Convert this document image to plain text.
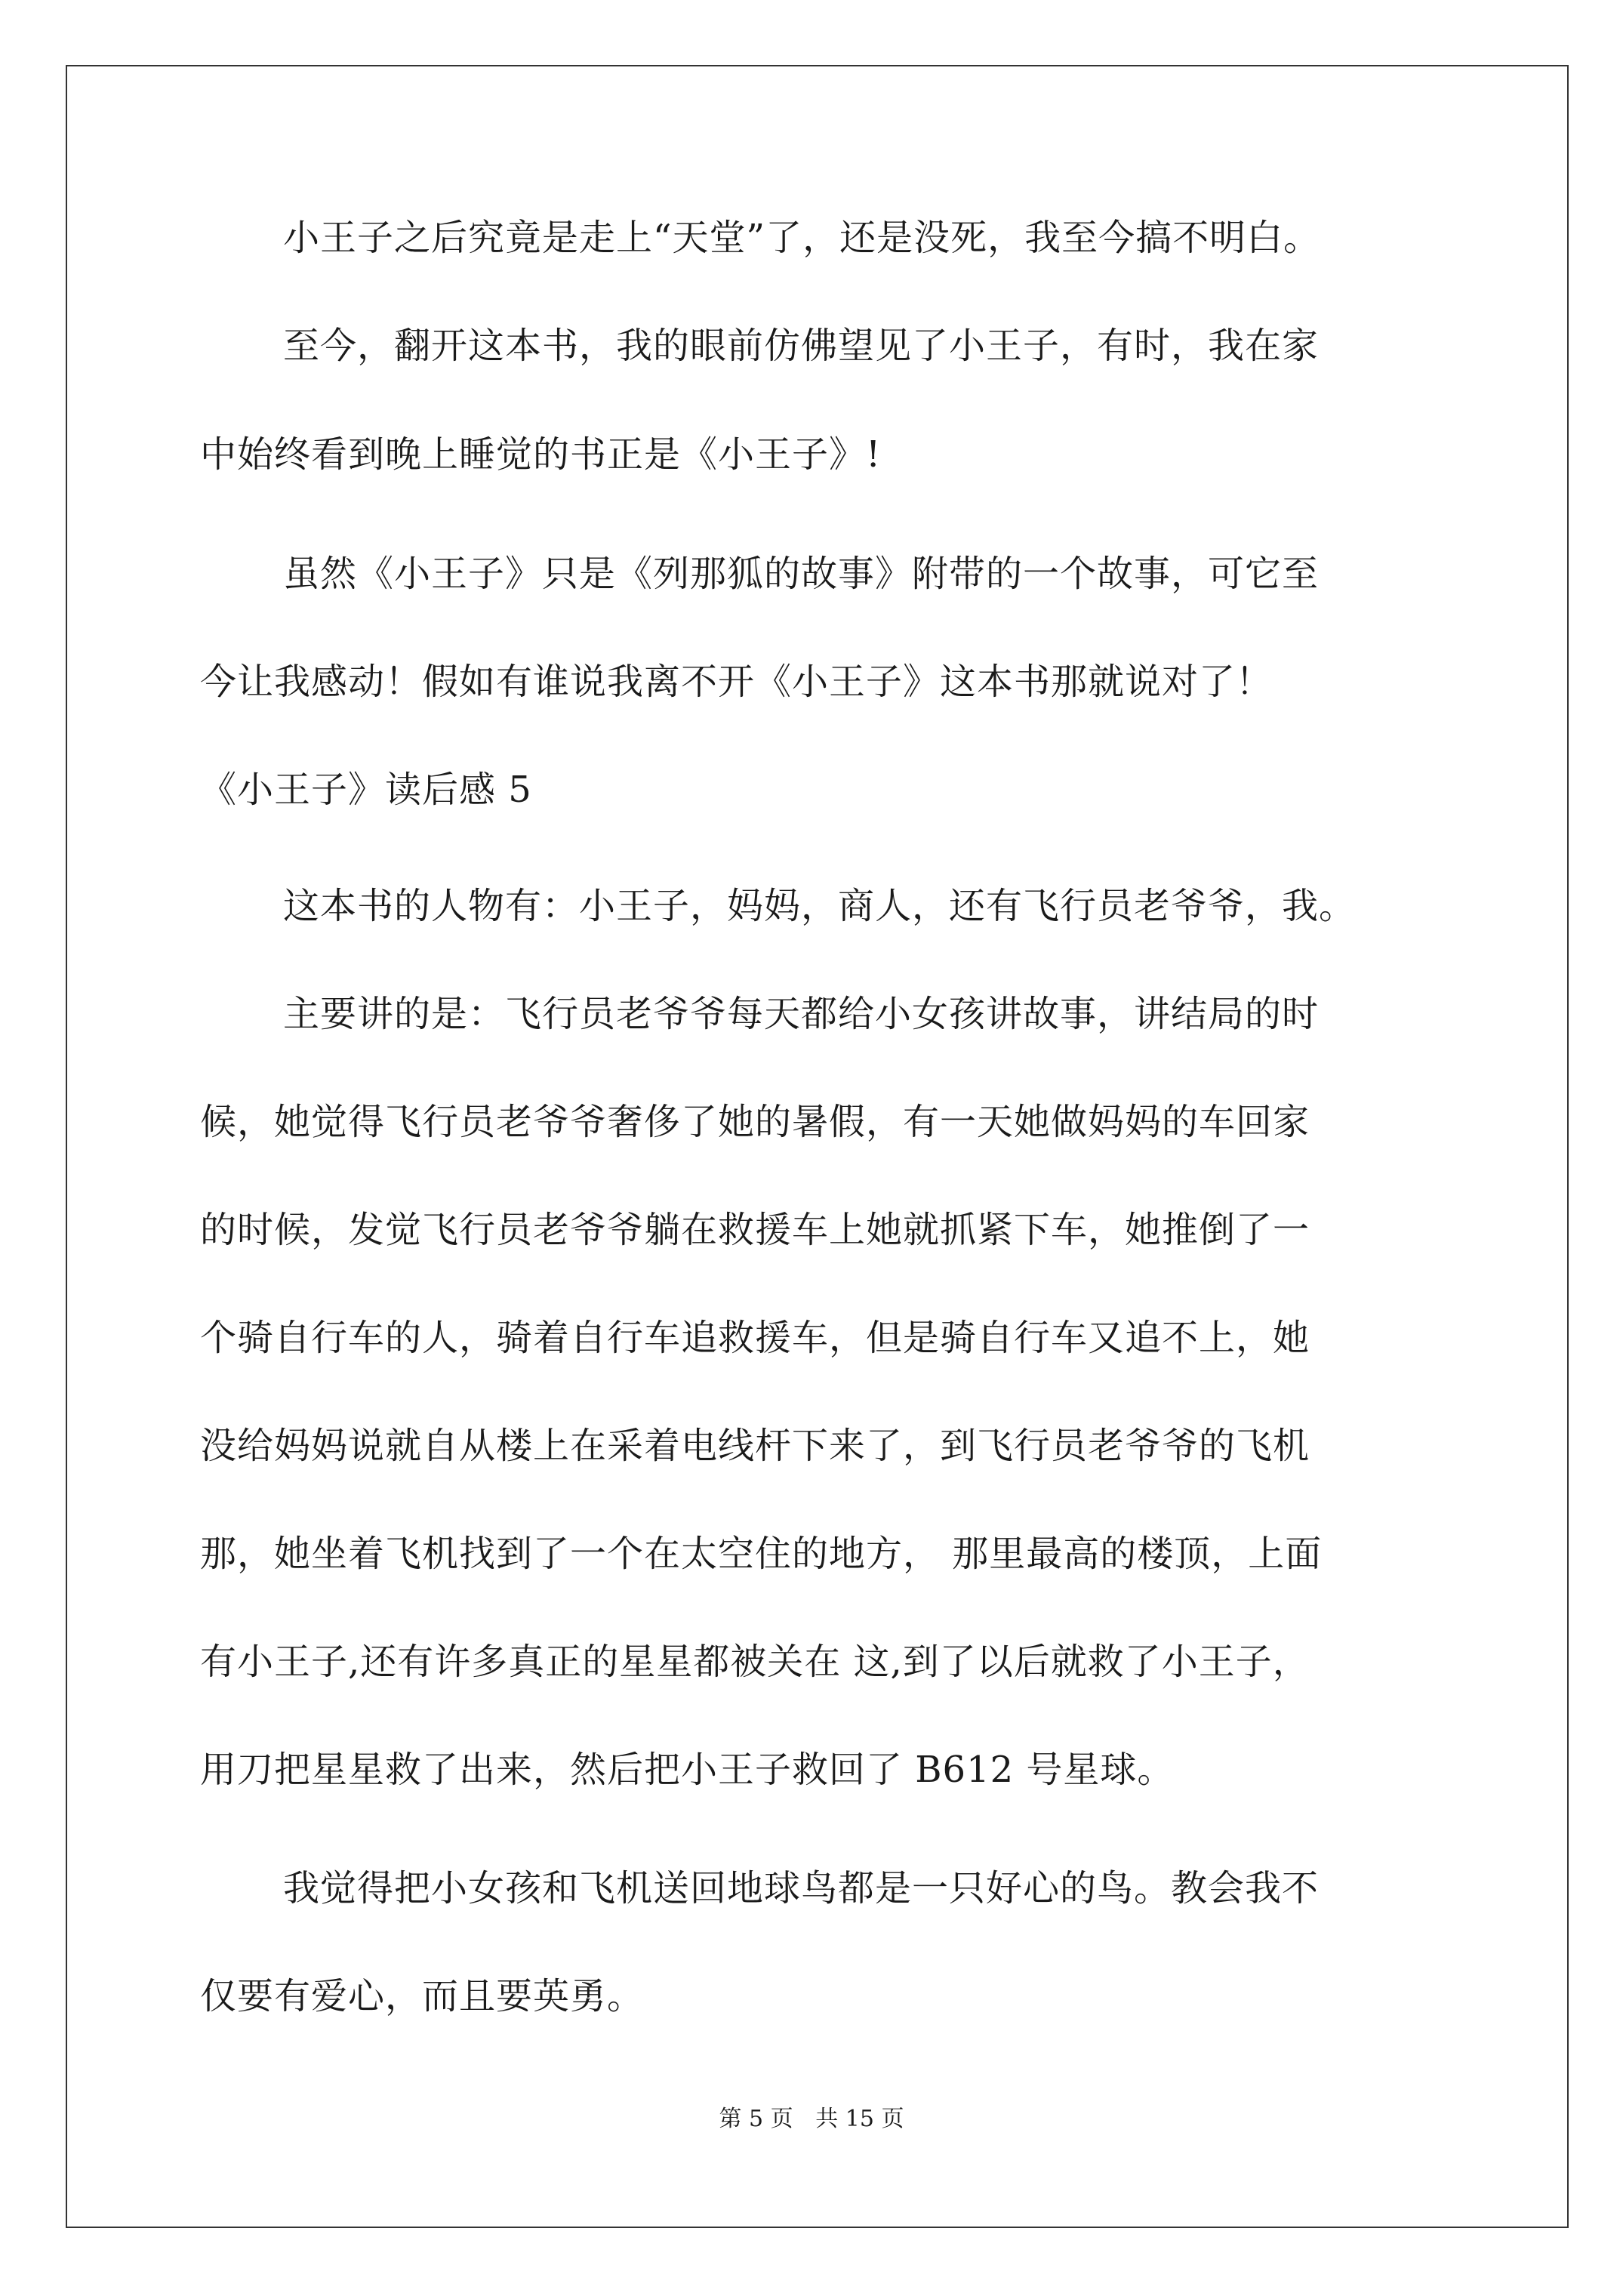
小王子之后究竟是走上“天堂”了，还是没死，我至今搞不明白。
至今，翻开这本书，我的眼前仿佛望见了小王子，有时，我在家
中始终看到晚上睡觉的书正是《小王子》!
虽然《小王子》只是《列那狐的故事》附带的一个故事，可它至
今让我感动！假如有谁说我离不开《小王子》这本书那就说对了！
《小王子》读后感 5
这本书的人物有：小王子，妈妈，商人，还有飞行员老爷爷，我。
主要讲的是：飞行员老爷爷每天都给小女孩讲故事，讲结局的时
候，她觉得飞行员老爷爷奢侈了她的暑假，有一天她做妈妈的车回家
的时候，发觉飞行员老爷爷躺在救援车上她就抓紧下车，她推倒了一
个骑自行车的人，骑着自行车追救援车，但是骑自行车又追不上，她
没给妈妈说就自从楼上在采着电线杆下来了，到飞行员老爷爷的飞机
那，她坐着飞机找到了一个在太空住的地方， 那里最高的楼顶，上面
有小王子,还有许多真正的星星都被关在 这,到了以后就救了小王子，
用刀把星星救了出来，然后把小王子救回了 B612 号星球。
我觉得把小女孩和飞机送回地球鸟都是一只好心的鸟。教会我不
仅要有爱心，而且要英勇。
第 5 页 共 15 页
